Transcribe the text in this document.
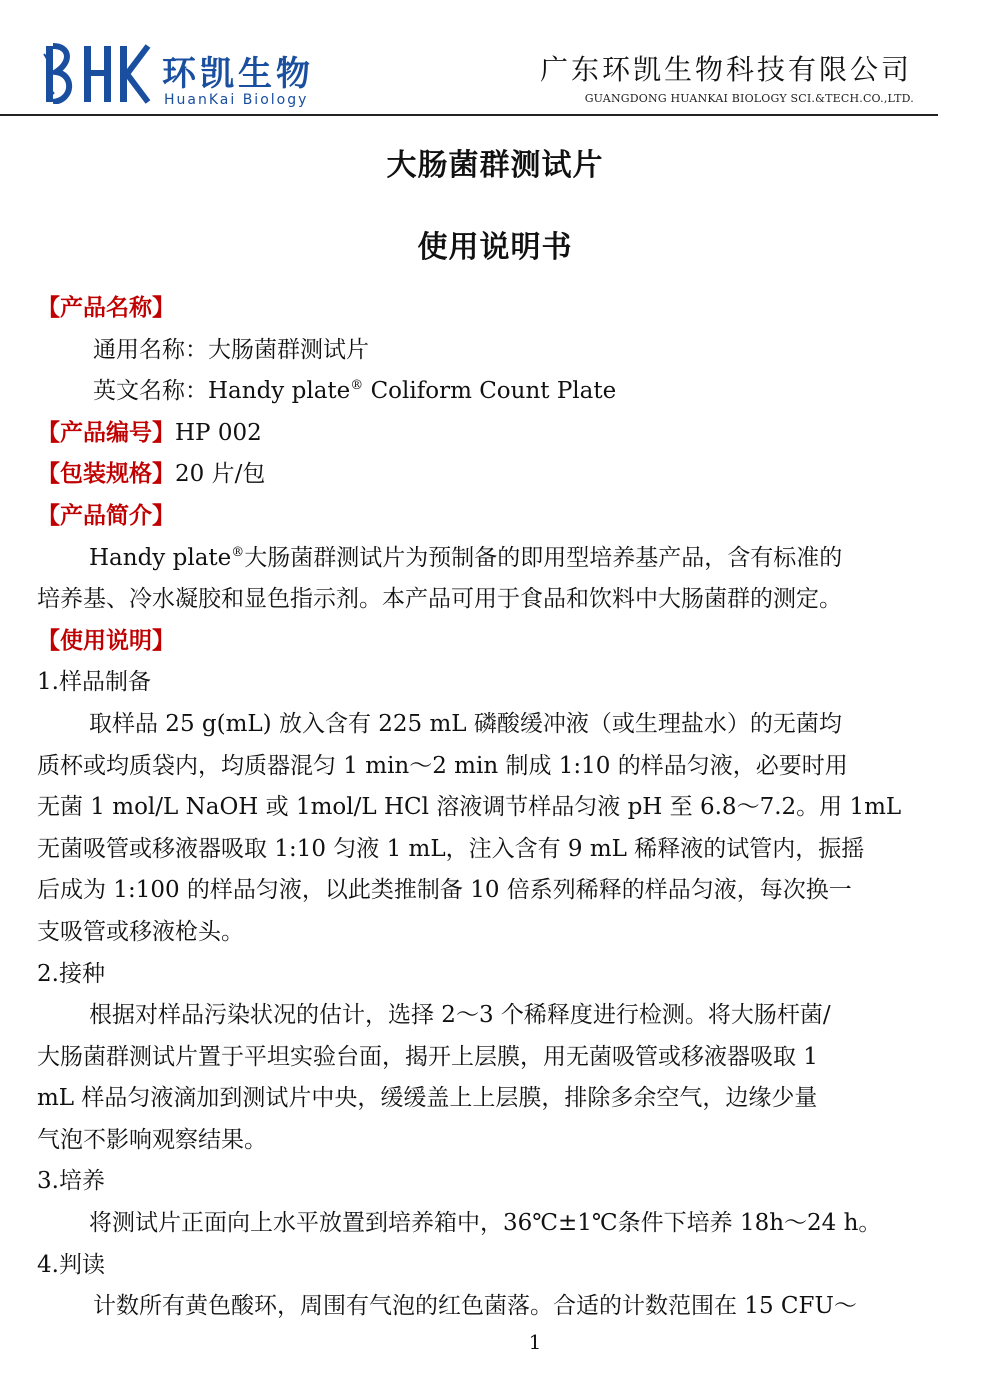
环凯生物
HuanKai Biology
广东环凯生物科技有限公司
GUANGDONG HUANKAI BIOLOGY SCI.&TECH.CO.,LTD.
大肠菌群测试片
使用说明书
【产品名称】
通用名称：大肠菌群测试片
英文名称：Handy plate® Coliform Count Plate
【产品编号】HP 002
【包装规格】20 片/包
【产品简介】
Handy plate®大肠菌群测试片为预制备的即用型培养基产品，含有标准的
培养基、冷水凝胶和显色指示剂。本产品可用于食品和饮料中大肠菌群的测定。
【使用说明】
1.样品制备
取样品 25 g(mL) 放入含有 225 mL 磷酸缓冲液（或生理盐水）的无菌均
质杯或均质袋内，均质器混匀 1 min～2 min 制成 1:10 的样品匀液，必要时用
无菌 1 mol/L NaOH 或 1mol/L HCl 溶液调节样品匀液 pH 至 6.8～7.2。用 1mL
无菌吸管或移液器吸取 1:10 匀液 1 mL，注入含有 9 mL 稀释液的试管内，振摇
后成为 1:100 的样品匀液，以此类推制备 10 倍系列稀释的样品匀液，每次换一
支吸管或移液枪头。
2.接种
根据对样品污染状况的估计，选择 2～3 个稀释度进行检测。将大肠杆菌/
大肠菌群测试片置于平坦实验台面，揭开上层膜，用无菌吸管或移液器吸取 1
mL 样品匀液滴加到测试片中央，缓缓盖上上层膜，排除多余空气，边缘少量
气泡不影响观察结果。
3.培养
将测试片正面向上水平放置到培养箱中，36℃±1℃条件下培养 18h～24 h。
4.判读
计数所有黄色酸环，周围有气泡的红色菌落。合适的计数范围在 15 CFU～
1
